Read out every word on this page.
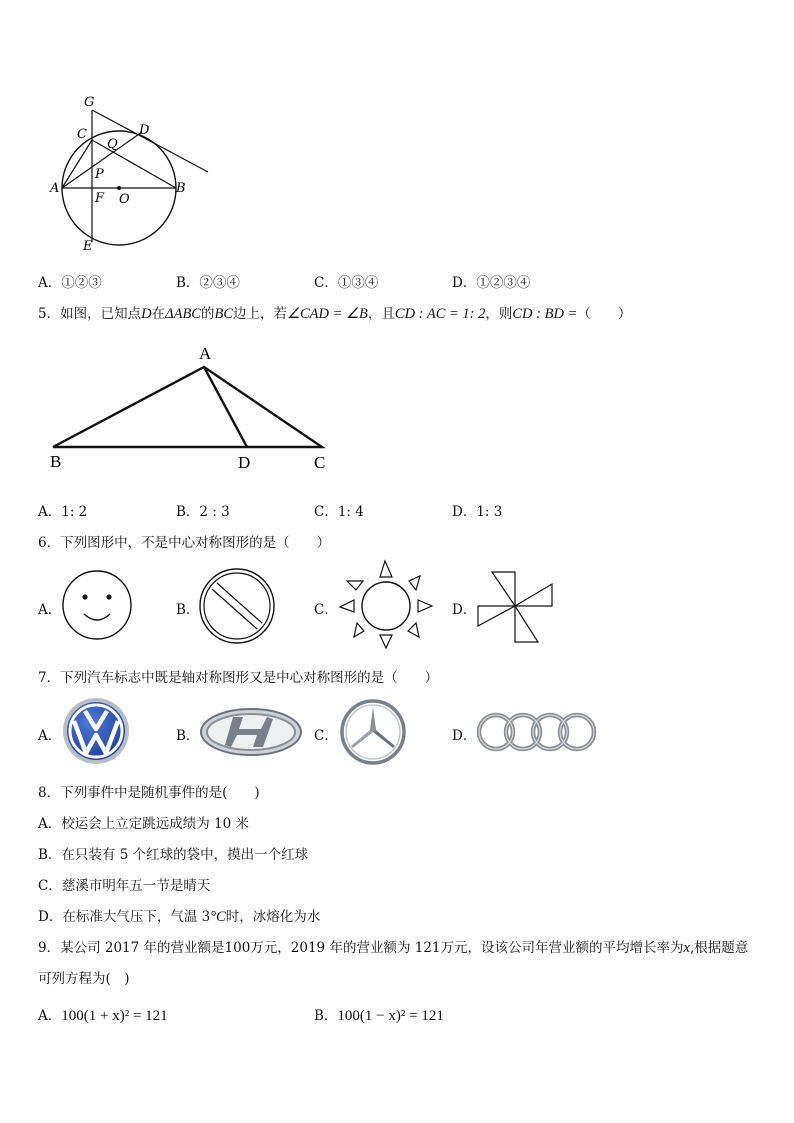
G
C	D
Q
A
P
F O
B
E
A．①②③	B．②③④	C．①③④	D．①②③④
5．如图，已知点D在ΔABC的BC边上，若∠CAD = ∠B，且CD : AC = 1: 2，则CD : BD =（　　）
A
B	D	C
A．1: 2	B．2 : 3	C．1: 4	D．1: 3
6．下列图形中，不是中心对称图形的是（　　）
A．	B．	C．	D．
7．下列汽车标志中既是轴对称图形又是中心对称图形的是（　　）
A．	B．	C．	D．
8．下列事件中是随机事件的是(　　)
A．校运会上立定跳远成绩为 10 米
B．在只装有 5 个红球的袋中，摸出一个红球
C．慈溪市明年五一节是晴天
D．在标准大气压下，气温 3°C时，冰熔化为水
9．某公司 2017 年的营业额是100万元，2019 年的营业额为 121万元，设该公司年营业额的平均增长率为x,根据题意
可列方程为(　)
A．100(1 + x)² = 121	B．100(1 − x)² = 121
